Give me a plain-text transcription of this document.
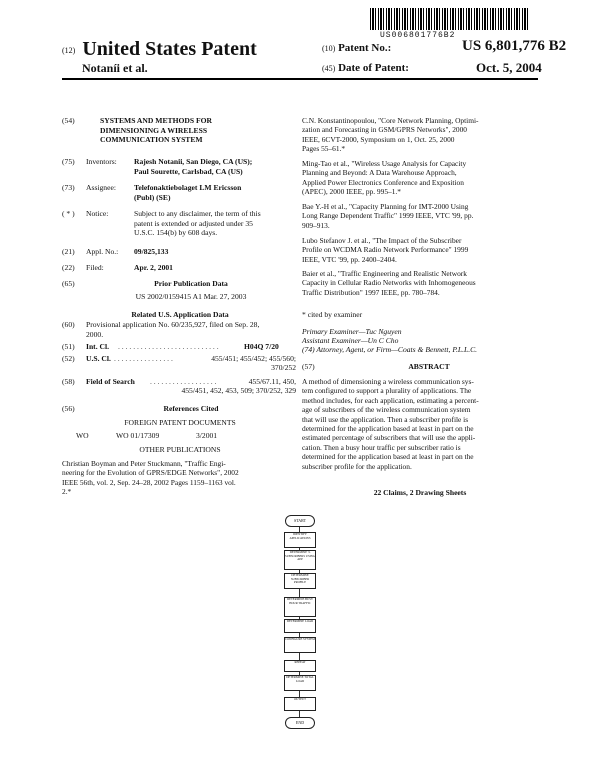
US006801776B2
(12) United States Patent
Notaníi et al.
(10) Patent No.:	US 6,801,776 B2
(45) Date of Patent:	Oct. 5, 2004
(54)	SYSTEMS AND METHODS FOR
DIMENSIONING A WIRELESS
COMMUNICATION SYSTEM
(75) Inventors: Rajesh Notanii, San Diego, CA (US);
Paul Sourette, Carlsbad, CA (US)
(73) Assignee: Telefonaktiebolaget LM Ericsson
(Publ) (SE)
( * ) Notice:	Subject to any disclaimer, the term of this
patent is extended or adjusted under 35
U.S.C. 154(b) by 608 days.
(21) Appl. No.: 09/825,133
(22) Filed:	Apr. 2, 2001
(65)	Prior Publication Data
US 2002/0159415 A1 Mar. 27, 2003
Related U.S. Application Data
(60) Provisional application No. 60/235,927, filed on Sep. 28,
2000.
(51) Int. Cl. . . . . . . . . . . . . . . . . . . . . . . . . . . .	H04Q 7/20
(52) U.S. Cl. . . . . . . . . . . . . . . . .	455/451; 455/452; 455/560;
370/252
(58) Field of Search . . . . . . . . . . . . . . . . . .	455/67.11, 450,
455/451, 452, 453, 509; 370/252, 329
(56)	References Cited
FOREIGN PATENT DOCUMENTS
WO	WO 01/17309	3/2001
OTHER PUBLICATIONS
Christian Boyman and Peter Stuckmann, "Traffic Engi-
neering for the Evolution of GPRS/EDGE Networks", 2002
IEEE 56th, vol. 2, Sep. 24–28, 2002 Pages 1159–1163 vol.
2.*
C.N. Konstantinopoulou, "Core Network Planning, Optimi-
zation and Forecasting in GSM/GPRS Networks", 2000
IEEE, 6CVT-2000, Symposium on 1, Oct. 25, 2000
Pages 55–61.*
Ming-Tao et al., "Wireless Usage Analysis for Capacity
Planning and Beyond: A Data Warehouse Approach,
Applied Power Electronics Conference and Exposition
(APEC), 2000 IEEE, pp. 995–1.*
Bae Y.-H et al., "Capacity Planning for IMT-2000 Using
Long Range Dependent Traffic" 1999 IEEE, VTC '99, pp.
909–913.
Lubo Stefanov J. et al., "The Impact of the Subscriber
Profile on WCDMA Radio Network Performance" 1999
IEEE, VTC '99, pp. 2400–2404.
Baier et al., "Traffic Engineering and Realistic Network
Capacity in Cellular Radio Networks with Inhomogeneous
Traffic Distribution" 1997 IEEE, pp. 780–784.
* cited by examiner
Primary Examiner—Tuc Nguyen
Assistant Examiner—Un C Cho
(74) Attorney, Agent, or Firm—Coats & Bennett, P.L.L.C.
(57)	ABSTRACT
A method of dimensioning a wireless communication sys-
tem configured to support a plurality of applications. The
method includes, for each application, estimating a percent-
age of subscribers of the wireless communication system
that will use the application. Then a subscriber profile is
determined for the application based at least in part on the
estimated percentage of subscribers that will use the appli-
cation. Then a busy hour traffic per subscriber ratio is
determined for the application based at least in part on the
subscriber profile for the application.
22 Claims, 2 Drawing Sheets
START
IDENTIFY APPLICATIONS
DETERMINE % SUBSCRIBERS USING APP
DETERMINE SUBSCRIBER PROFILE
DETERMINE BUSY HOUR TRAFFIC
DETERMINE LOAD
CONFIGURE SYSTEM
REPEAT
DETERMINE TOTAL LOAD
OUTPUT
END
